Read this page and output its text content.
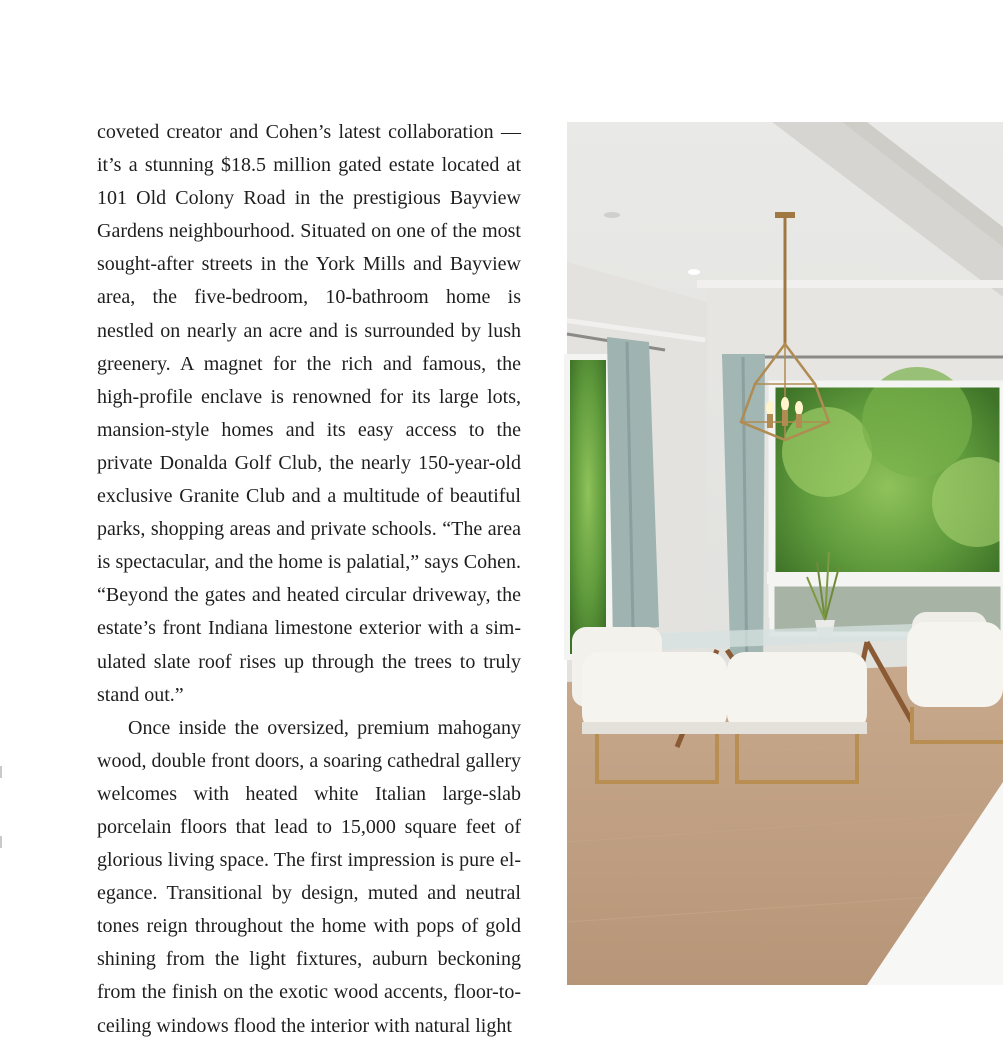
coveted creator and Cohen’s latest collaboration — it’s a stunning $18.5 million gated estate located at 101 Old Colony Road in the prestigious Bayview Gardens neighbourhood. Situated on one of the most sought-after streets in the York Mills and Bayview area, the five-bedroom, 10-bathroom home is nestled on nearly an acre and is surrounded by lush greenery. A magnet for the rich and famous, the high-profile enclave is renowned for its large lots, mansion-style homes and its easy access to the private Donalda Golf Club, the nearly 150-year-old exclusive Granite Club and a multitude of beautiful parks, shopping areas and private schools. “The area is spectacular, and the home is palatial,” says Cohen. “Beyond the gates and heated circular driveway, the estate’s front Indiana limestone exterior with a simulated slate roof rises up through the trees to truly stand out.”

Once inside the oversized, premium mahogany wood, double front doors, a soaring cathedral gallery welcomes with heated white Italian large-slab porcelain floors that lead to 15,000 square feet of glorious living space. The first impression is pure elegance. Transitional by design, muted and neutral tones reign throughout the home with pops of gold shining from the light fixtures, auburn beckoning from the finish on the exotic wood accents, floor-to-ceiling windows flood the interior with natural light
